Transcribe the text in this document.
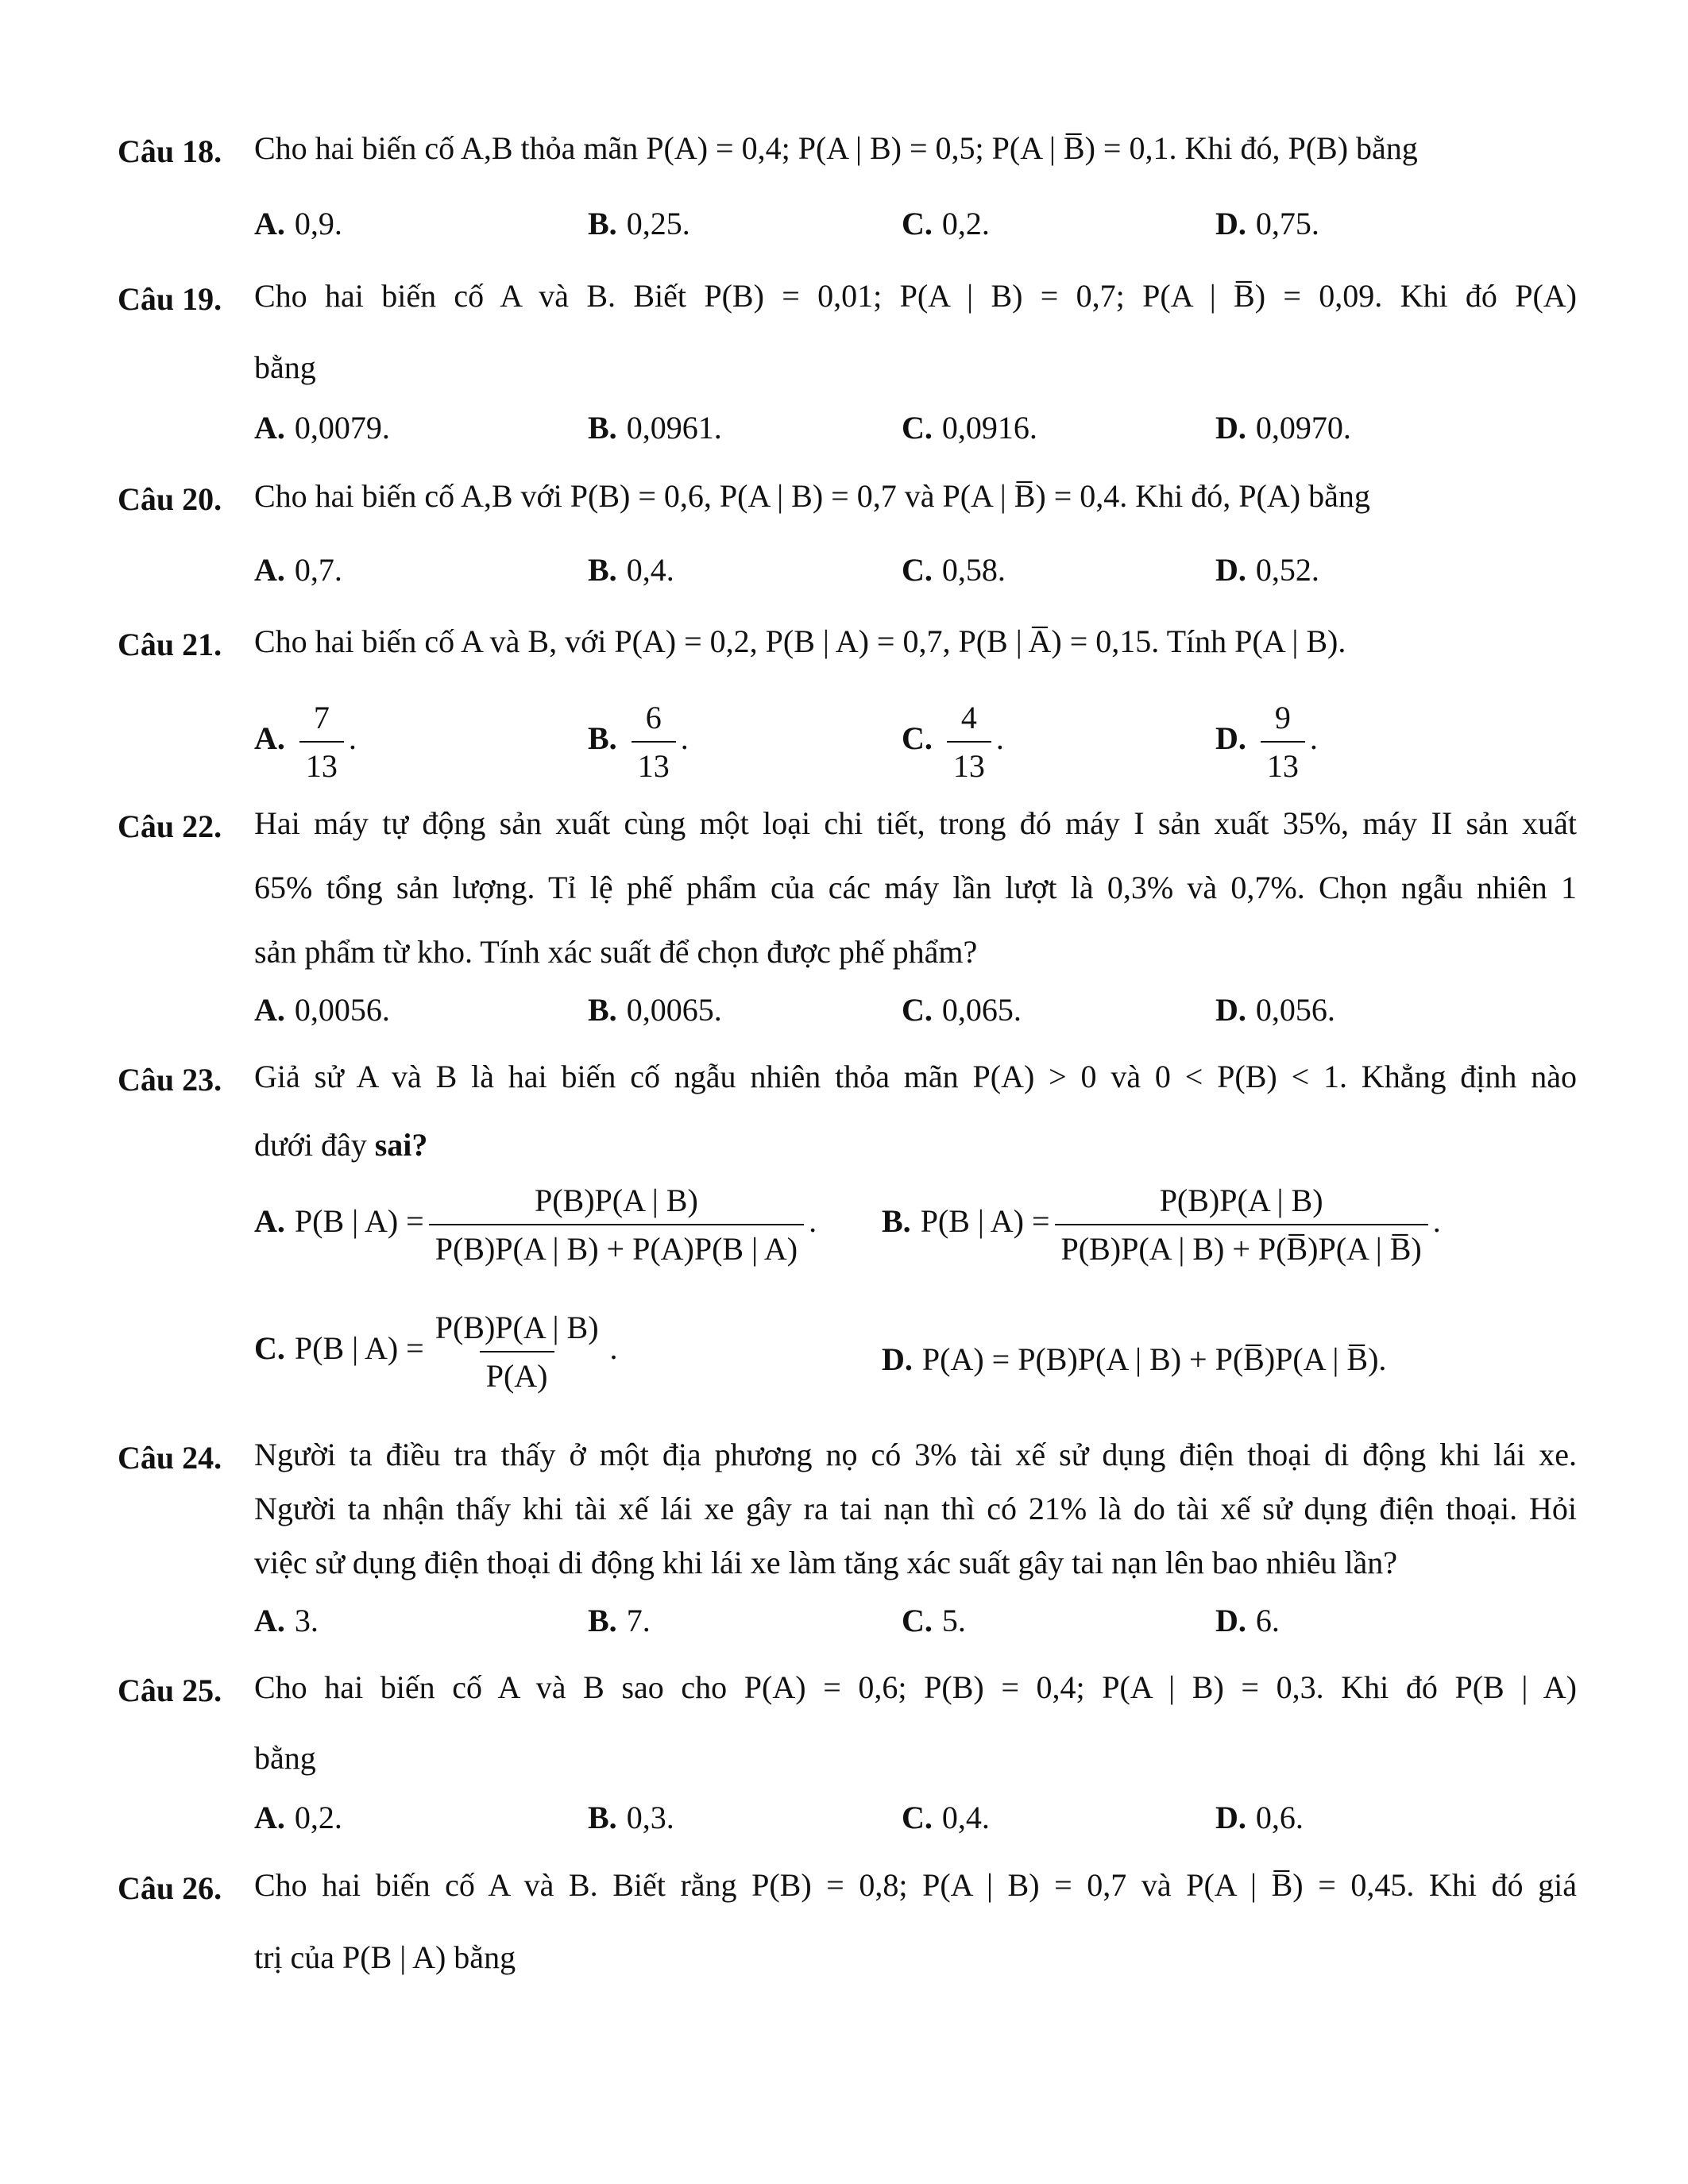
Câu 18. Cho hai biến cố A,B thỏa mãn P(A) = 0,4; P(A | B) = 0,5; P(A | B̅) = 0,1. Khi đó, P(B) bằng
A. 0,9.	B. 0,25.	C. 0,2.	D. 0,75.
Câu 19. Cho hai biến cố A và B. Biết P(B) = 0,01; P(A | B) = 0,7; P(A | B̅) = 0,09. Khi đó P(A)
bằng
A. 0,0079.	B. 0,0961.	C. 0,0916.	D. 0,0970.
Câu 20. Cho hai biến cố A,B với P(B) = 0,6, P(A | B) = 0,7 và P(A | B̅) = 0,4. Khi đó, P(A) bằng
A. 0,7.	B. 0,4.	C. 0,58.	D. 0,52.
Câu 21. Cho hai biến cố A và B, với P(A) = 0,2, P(B | A) = 0,7, P(B | A̅) = 0,15. Tính P(A | B).
A. $\frac{7}{13}$ .	B. $\frac{6}{13}$ .	C. $\frac{4}{13}$ .	D. $\frac{9}{13}$ .
Câu 22. Hai máy tự động sản xuất cùng một loại chi tiết, trong đó máy I sản xuất 35%, máy II sản xuất
65% tổng sản lượng. Tỉ lệ phế phẩm của các máy lần lượt là 0,3% và 0,7%. Chọn ngẫu nhiên 1
sản phẩm từ kho. Tính xác suất để chọn được phế phẩm?
A. 0,0056.	B. 0,0065.	C. 0,065.	D. 0,056.
Câu 23. Giả sử A và B là hai biến cố ngẫu nhiên thỏa mãn P(A) > 0 và 0 < P(B) < 1. Khẳng định nào
dưới đây sai?
A. P(B | $A) = \frac{P(B)P(A | B)}{P(B)P(A | B) + P(A)P(B | A)}$ . B. P(B | $A) = \frac{P(B)P(A | B)}{P(B)P(A | B) + P(B̅)P(A | B̅)}$ .
C. P(B | $A) = \frac{P(B)P(A | B)}{P(A)}$ .	D. P(A) = P(B)P(A | B) + P(B̅)P(A | B̅).
Câu 24. Người ta điều tra thấy ở một địa phương nọ có 3% tài xế sử dụng điện thoại di động khi lái xe.
Người ta nhận thấy khi tài xế lái xe gây ra tai nạn thì có 21% là do tài xế sử dụng điện thoại. Hỏi
việc sử dụng điện thoại di động khi lái xe làm tăng xác suất gây tai nạn lên bao nhiêu lần?
A. 3.	B. 7.	C. 5.	D. 6.
Câu 25. Cho hai biến cố A và B sao cho P(A) = 0,6; P(B) = 0,4; P(A | B) = 0,3. Khi đó P(B | A)
bằng
A. 0,2.	B. 0,3.	C. 0,4.	D. 0,6.
Câu 26. Cho hai biến cố A và B. Biết rằng P(B) = 0,8; P(A | B) = 0,7 và P(A | B̅) = 0,45. Khi đó giá
trị của P(B | A) bằng
